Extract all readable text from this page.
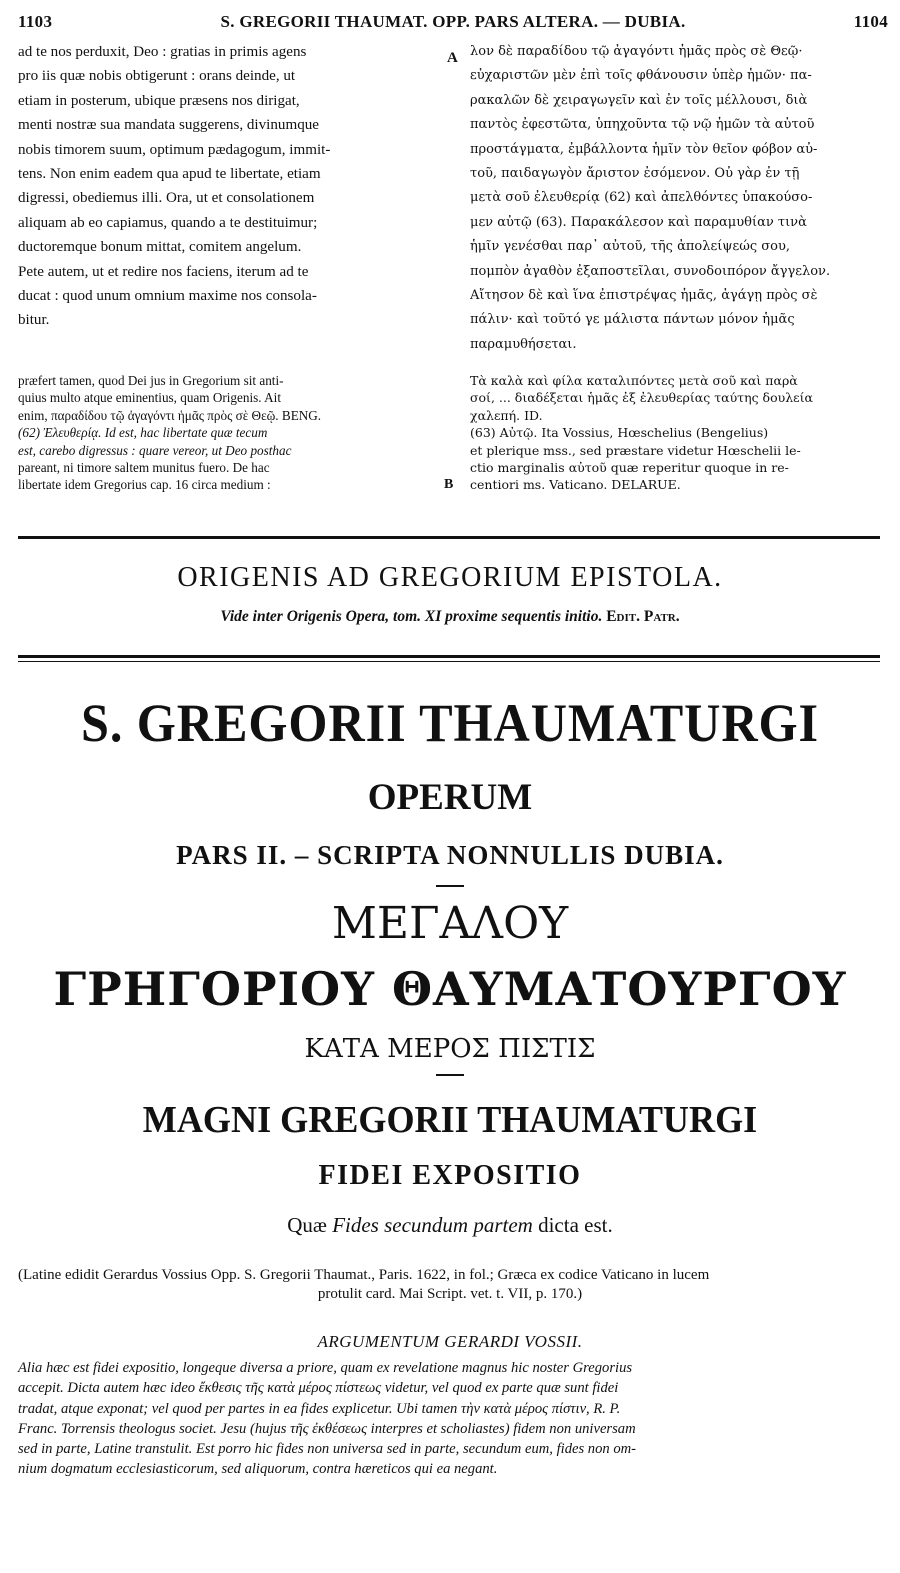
1103	S. GREGORII THAUMAT. OPP. PARS ALTERA. — DUBIA.	1104
ad te nos perduxit, Deo : gratias in primis agens
pro iis quæ nobis obtigerunt : orans deinde, ut
etiam in posterum, ubique præsens nos dirigat,
menti nostræ sua mandata suggerens, divinumque
nobis timorem suum, optimum pædagogum, immit-
tens. Non enim eadem qua apud te libertate, etiam
digressi, obediemus illi. Ora, ut et consolationem
aliquam ab eo capiamus, quando a te destituimur;
ductoremque bonum mittat, comitem angelum.
Pete autem, ut et redire nos faciens, iterum ad te
ducat : quod unum omnium maxime nos consola-
bitur.
A λον δὲ παραδίδου τῷ ἀγαγόντι ἡμᾶς πρὸς σὲ Θεῷ·
εὐχαριστῶν μὲν ἐπὶ τοῖς φθάνουσιν ὑπὲρ ἡμῶν· πα-
ρακαλῶν δὲ χειραγωγεῖν καὶ ἐν τοῖς μέλλουσι, διὰ
παντὸς ἐφεστῶτα, ὑπηχοῦντα τῷ νῷ ἡμῶν τὰ αὐτοῦ
προστάγματα, ἐμβάλλοντα ἡμῖν τὸν θεῖον φόβον αὐ-
τοῦ, παιδαγωγὸν ἄριστον ἐσόμενον. Οὐ γὰρ ἐν τῇ
μετὰ σοῦ ἐλευθερίᾳ (62) καὶ ἀπελθόντες ὑπακούσο-
μεν αὐτῷ (63). Παρακάλεσον καὶ παραμυθίαν τινὰ
ἡμῖν γενέσθαι παρ᾽ αὐτοῦ, τῆς ἀπολείψεώς σου,
πομπὸν ἀγαθὸν ἐξαποστεῖλαι, συνοδοιπόρον ἄγγελον.
Αἴτησον δὲ καὶ ἵνα ἐπιστρέψας ἡμᾶς, ἀγάγῃ πρὸς σὲ
πάλιν· καὶ τοῦτό γε μάλιστα πάντων μόνον ἡμᾶς
παραμυθήσεται.
præfert tamen, quod Dei jus in Gregorium sit anti-
quius multo atque eminentius, quam Origenis. Ait
enim, παραδίδου τῷ ἀγαγόντι ἡμᾶς πρὸς σὲ Θεῷ. BENG.
(62) Ἐλευθερίᾳ. Id est, hac libertate quæ tecum
est, carebo digressus : quare vereor, ut Deo posthac
pareant, ni timore saltem munitus fuero. De hac
libertate idem Gregorius cap. 16 circa medium :	B
Τὰ καλὰ καὶ φίλα καταλιπόντες μετὰ σοῦ καὶ παρὰ
σοί, ... διαδέξεται ἡμᾶς ἐξ ἐλευθερίας ταύτης δουλεία
χαλεπή. ID.
(63) Αὐτῷ. Ita Vossius, Hœschelius (Bengelius)
et plerique mss., sed præstare videtur Hœschelii le-
ctio marginalis αὐτοῦ quæ reperitur quoque in re-
centiori ms. Vaticano. DELARUE.
ORIGENIS AD GREGORIUM EPISTOLA.
Vide inter Origenis Opera, tom. XI proxime sequentis initio. Edit. Patr.
S. GREGORII THAUMATURGI
OPERUM
PARS II. – SCRIPTA NONNULLIS DUBIA.
ΜΕΓΑΛΟΥ
ΓΡΗΓΟΡΙΟΥ ΘΑΥΜΑΤΟΥΡΓΟΥ
ΚΑΤΑ ΜΕΡΟΣ ΠΙΣΤΙΣ
MAGNI GREGORII THAUMATURGI
FIDEI EXPOSITIO
Quæ Fides secundum partem dicta est.
(Latine edidit Gerardus Vossius Opp. S. Gregorii Thaumat., Paris. 1622, in fol.; Græca ex codice Vaticano in lucem
protulit card. Mai Script. vet. t. VII, p. 170.)
ARGUMENTUM GERARDI VOSSII.
Alia hæc est fidei expositio, longeque diversa a priore, quam ex revelatione magnus hic noster Gregorius
accepit. Dicta autem hæc ideo ἔκθεσις τῆς κατὰ μέρος πίστεως videtur, vel quod ex parte quæ sunt fidei
tradat, atque exponat; vel quod per partes in ea fides explicetur. Ubi tamen τὴν κατὰ μέρος πίστιν, R. P.
Franc. Torrensis theologus societ. Jesu (hujus τῆς ἐκθέσεως interpres et scholiastes) fidem non universam
sed in parte, Latine transtulit. Est porro hic fides non universa sed in parte, secundum eum, fides non om-
nium dogmatum ecclesiasticorum, sed aliquorum, contra hæreticos qui ea negant.
